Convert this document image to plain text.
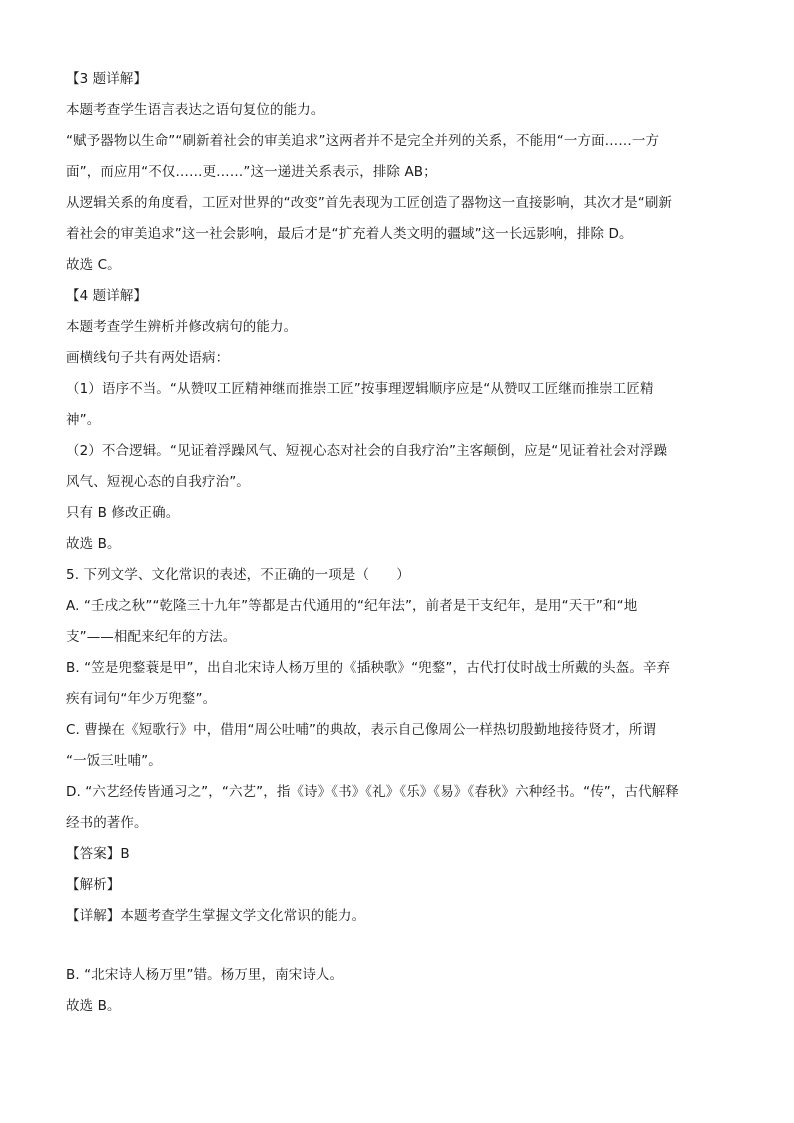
【3 题详解】
本题考查学生语言表达之语句复位的能力。
“赋予器物以生命”“刷新着社会的审美追求”这两者并不是完全并列的关系，不能用“一方面……一方
面”，而应用“不仅……更……”这一递进关系表示，排除 AB；
从逻辑关系的角度看，工匠对世界的“改变”首先表现为工匠创造了器物这一直接影响，其次才是“刷新
着社会的审美追求”这一社会影响，最后才是“扩充着人类文明的疆域”这一长远影响，排除 D。
故选 C。
【4 题详解】
本题考查学生辨析并修改病句的能力。
画横线句子共有两处语病：
（1）语序不当。“从赞叹工匠精神继而推崇工匠”按事理逻辑顺序应是“从赞叹工匠继而推崇工匠精
神”。
（2）不合逻辑。“见证着浮躁风气、短视心态对社会的自我疗治”主客颠倒，应是“见证着社会对浮躁
风气、短视心态的自我疗治”。
只有 B 修改正确。
故选 B。
5. 下列文学、文化常识的表述，不正确的一项是（　　）
A. “壬戌之秋”“乾隆三十九年”等都是古代通用的“纪年法”，前者是干支纪年，是用“天干”和“地
支”——相配来纪年的方法。
B. “笠是兜鍪蓑是甲”，出自北宋诗人杨万里的《插秧歌》“兜鍪”，古代打仗时战士所戴的头盔。辛弃
疾有词句“年少万兜鍪”。
C. 曹操在《短歌行》中，借用“周公吐哺”的典故，表示自己像周公一样热切殷勤地接待贤才，所谓
“一饭三吐哺”。
D. “六艺经传皆通习之”，“六艺”，指《诗》《书》《礼》《乐》《易》《春秋》六种经书。“传”，古代解释
经书的著作。
【答案】B
【解析】
【详解】本题考查学生掌握文学文化常识的能力。
B. “北宋诗人杨万里”错。杨万里，南宋诗人。
故选 B。
